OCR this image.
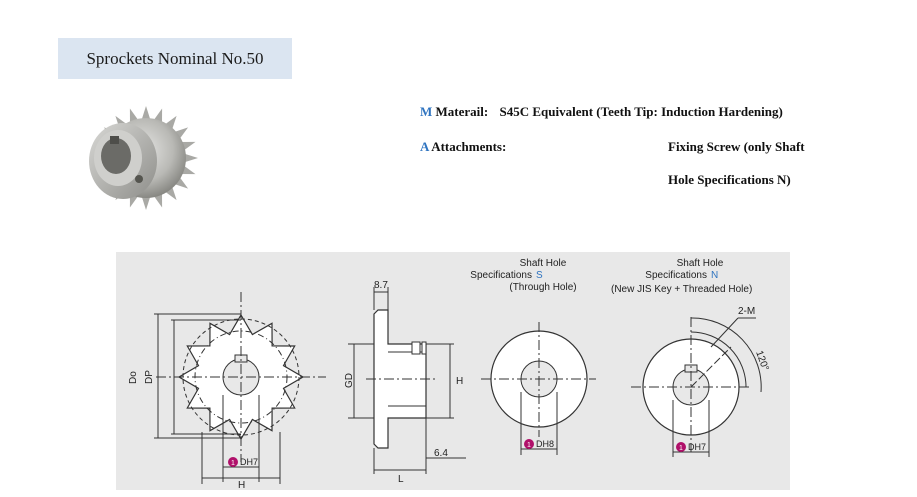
Sprockets Nominal No.50
M Materail: S45C Equivalent (Teeth Tip: Induction Hardening)
A Attachments:	Fixing Screw (only Shaft
Hole Specifications N)
Do DP
1 DH7
H
8.7
GD	H
6.4
L
Shaft Hole
Specifications S
(Through Hole)
1 DH8
Shaft Hole
Specifications N
(New JIS Key + Threaded Hole)
2-M
120°
1 DH7
